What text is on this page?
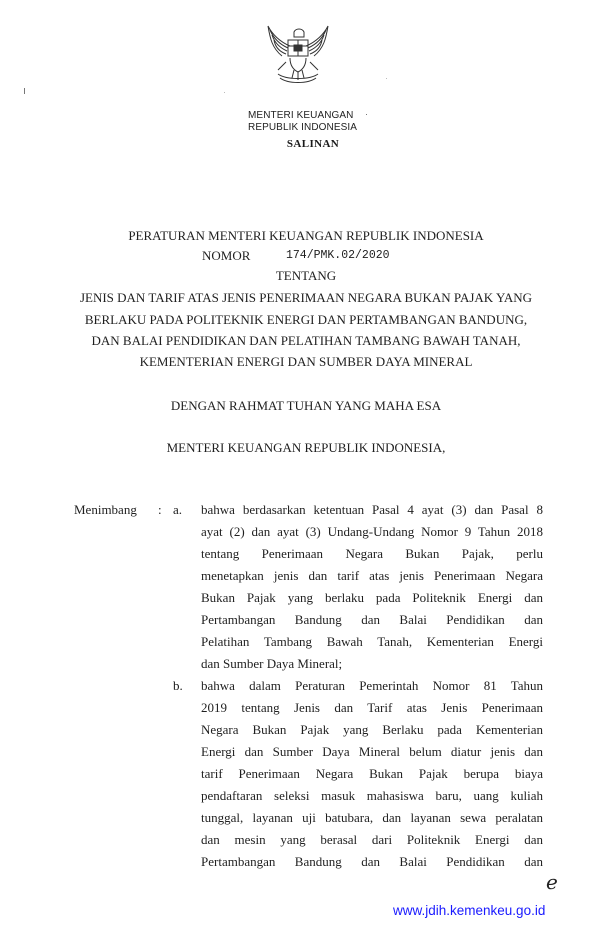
MENTERI KEUANGAN
REPUBLIK INDONESIA
SALINAN
PERATURAN MENTERI KEUANGAN REPUBLIK INDONESIA
NOMOR	174/PMK.02/2020
TENTANG
JENIS DAN TARIF ATAS JENIS PENERIMAAN NEGARA BUKAN PAJAK YANG
BERLAKU PADA POLITEKNIK ENERGI DAN PERTAMBANGAN BANDUNG,
DAN BALAI PENDIDIKAN DAN PELATIHAN TAMBANG BAWAH TANAH,
KEMENTERIAN ENERGI DAN SUMBER DAYA MINERAL
DENGAN RAHMAT TUHAN YANG MAHA ESA
MENTERI KEUANGAN REPUBLIK INDONESIA,
Menimbang : a. bahwa berdasarkan ketentuan Pasal 4 ayat (3) dan Pasal 8
ayat (2) dan ayat (3) Undang-Undang Nomor 9 Tahun 2018
tentang Penerimaan Negara Bukan Pajak, perlu
menetapkan jenis dan tarif atas jenis Penerimaan Negara
Bukan Pajak yang berlaku pada Politeknik Energi dan
Pertambangan Bandung dan Balai Pendidikan dan
Pelatihan Tambang Bawah Tanah, Kementerian Energi
dan Sumber Daya Mineral;
b. bahwa dalam Peraturan Pemerintah Nomor 81 Tahun
2019 tentang Jenis dan Tarif atas Jenis Penerimaan
Negara Bukan Pajak yang Berlaku pada Kementerian
Energi dan Sumber Daya Mineral belum diatur jenis dan
tarif Penerimaan Negara Bukan Pajak berupa biaya
pendaftaran seleksi masuk mahasiswa baru, uang kuliah
tunggal, layanan uji batubara, dan layanan sewa peralatan
dan mesin yang berasal dari Politeknik Energi dan
Pertambangan Bandung dan Balai Pendidikan dan
e
www.jdih.kemenkeu.go.id
